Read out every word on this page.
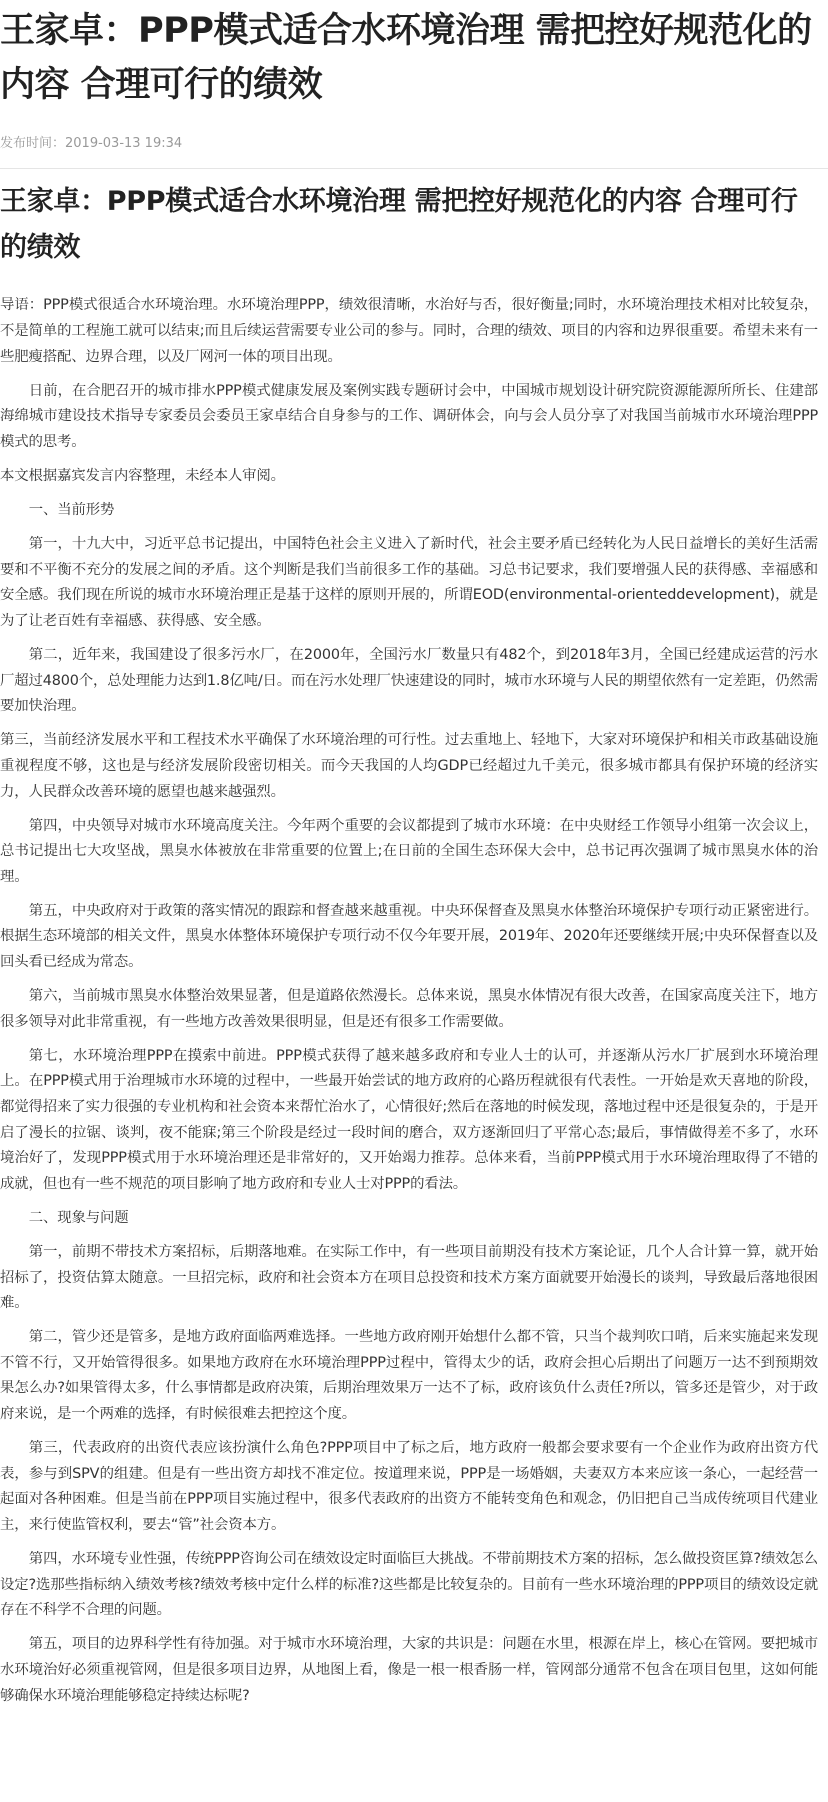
王家卓：PPP模式适合水环境治理 需把控好规范化的内容 合理可行的绩效
发布时间：2019-03-13 19:34
王家卓：PPP模式适合水环境治理 需把控好规范化的内容 合理可行的绩效

导语：PPP模式很适合水环境治理。水环境治理PPP，绩效很清晰，水治好与否，很好衡量;同时，水环境治理技术相对比较复杂，不是简单的工程施工就可以结束;而且后续运营需要专业公司的参与。同时，合理的绩效、项目的内容和边界很重要。希望未来有一些肥瘦搭配、边界合理，以及厂网河一体的项目出现。

日前，在合肥召开的城市排水PPP模式健康发展及案例实践专题研讨会中，中国城市规划设计研究院资源能源所所长、住建部海绵城市建设技术指导专家委员会委员王家卓结合自身参与的工作、调研体会，向与会人员分享了对我国当前城市水环境治理PPP模式的思考。

本文根据嘉宾发言内容整理，未经本人审阅。

一、当前形势

第一，十九大中，习近平总书记提出，中国特色社会主义进入了新时代，社会主要矛盾已经转化为人民日益增长的美好生活需要和不平衡不充分的发展之间的矛盾。这个判断是我们当前很多工作的基础。习总书记要求，我们要增强人民的获得感、幸福感和安全感。我们现在所说的城市水环境治理正是基于这样的原则开展的，所谓EOD(environmental-orienteddevelopment)，就是为了让老百姓有幸福感、获得感、安全感。

第二，近年来，我国建设了很多污水厂，在2000年，全国污水厂数量只有482个，到2018年3月，全国已经建成运营的污水厂超过4800个，总处理能力达到1.8亿吨/日。而在污水处理厂快速建设的同时，城市水环境与人民的期望依然有一定差距，仍然需要加快治理。

第三，当前经济发展水平和工程技术水平确保了水环境治理的可行性。过去重地上、轻地下，大家对环境保护和相关市政基础设施重视程度不够，这也是与经济发展阶段密切相关。而今天我国的人均GDP已经超过九千美元，很多城市都具有保护环境的经济实力，人民群众改善环境的愿望也越来越强烈。

第四，中央领导对城市水环境高度关注。今年两个重要的会议都提到了城市水环境：在中央财经工作领导小组第一次会议上，总书记提出七大攻坚战，黑臭水体被放在非常重要的位置上;在日前的全国生态环保大会中，总书记再次强调了城市黑臭水体的治理。

第五，中央政府对于政策的落实情况的跟踪和督查越来越重视。中央环保督查及黑臭水体整治环境保护专项行动正紧密进行。根据生态环境部的相关文件，黑臭水体整体环境保护专项行动不仅今年要开展，2019年、2020年还要继续开展;中央环保督查以及回头看已经成为常态。

第六，当前城市黑臭水体整治效果显著，但是道路依然漫长。总体来说，黑臭水体情况有很大改善，在国家高度关注下，地方很多领导对此非常重视，有一些地方改善效果很明显，但是还有很多工作需要做。

第七，水环境治理PPP在摸索中前进。PPP模式获得了越来越多政府和专业人士的认可，并逐渐从污水厂扩展到水环境治理上。在PPP模式用于治理城市水环境的过程中，一些最开始尝试的地方政府的心路历程就很有代表性。一开始是欢天喜地的阶段，都觉得招来了实力很强的专业机构和社会资本来帮忙治水了，心情很好;然后在落地的时候发现，落地过程中还是很复杂的，于是开启了漫长的拉锯、谈判，夜不能寐;第三个阶段是经过一段时间的磨合，双方逐渐回归了平常心态;最后，事情做得差不多了，水环境治好了，发现PPP模式用于水环境治理还是非常好的，又开始竭力推荐。总体来看，当前PPP模式用于水环境治理取得了不错的成就，但也有一些不规范的项目影响了地方政府和专业人士对PPP的看法。

二、现象与问题

第一，前期不带技术方案招标，后期落地难。在实际工作中，有一些项目前期没有技术方案论证，几个人合计算一算，就开始招标了，投资估算太随意。一旦招完标，政府和社会资本方在项目总投资和技术方案方面就要开始漫长的谈判，导致最后落地很困难。

第二，管少还是管多，是地方政府面临两难选择。一些地方政府刚开始想什么都不管，只当个裁判吹口哨，后来实施起来发现不管不行，又开始管得很多。如果地方政府在水环境治理PPP过程中，管得太少的话，政府会担心后期出了问题万一达不到预期效果怎么办?如果管得太多，什么事情都是政府决策，后期治理效果万一达不了标，政府该负什么责任?所以，管多还是管少，对于政府来说，是一个两难的选择，有时候很难去把控这个度。

第三，代表政府的出资代表应该扮演什么角色?PPP项目中了标之后，地方政府一般都会要求要有一个企业作为政府出资方代表，参与到SPV的组建。但是有一些出资方却找不准定位。按道理来说，PPP是一场婚姻，夫妻双方本来应该一条心，一起经营一起面对各种困难。但是当前在PPP项目实施过程中，很多代表政府的出资方不能转变角色和观念，仍旧把自己当成传统项目代建业主，来行使监管权利，要去“管”社会资本方。

第四，水环境专业性强，传统PPP咨询公司在绩效设定时面临巨大挑战。不带前期技术方案的招标，怎么做投资匡算?绩效怎么设定?选那些指标纳入绩效考核?绩效考核中定什么样的标准?这些都是比较复杂的。目前有一些水环境治理的PPP项目的绩效设定就存在不科学不合理的问题。

第五，项目的边界科学性有待加强。对于城市水环境治理，大家的共识是：问题在水里，根源在岸上，核心在管网。要把城市水环境治好必须重视管网，但是很多项目边界，从地图上看，像是一根一根香肠一样，管网部分通常不包含在项目包里，这如何能够确保水环境治理能够稳定持续达标呢?
